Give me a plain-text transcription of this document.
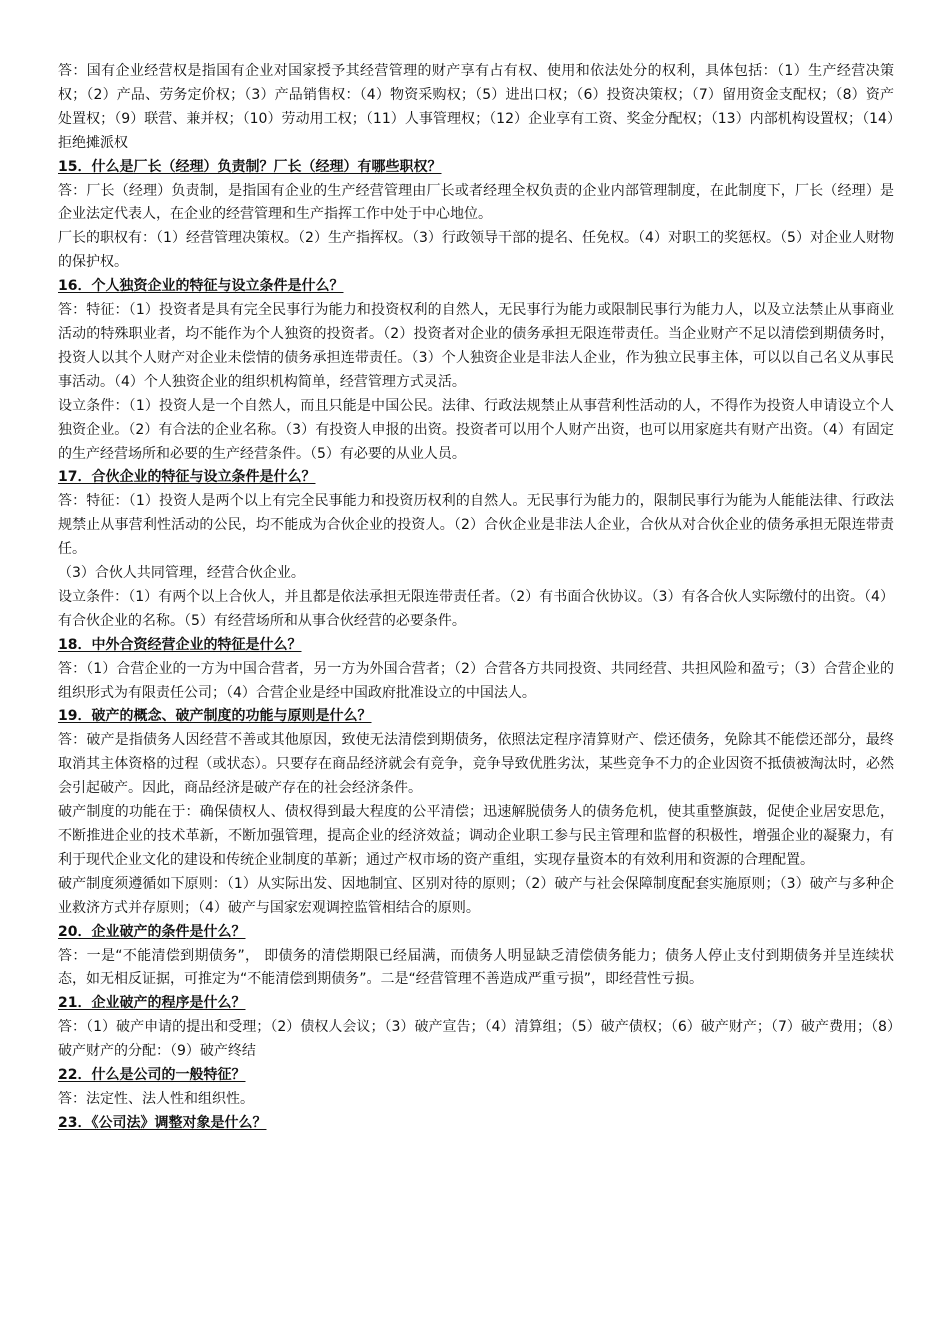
答：国有企业经营权是指国有企业对国家授予其经营管理的财产享有占有权、使用和依法处分的权利，具体包括：（1）生产经营决策权；（2）产品、劳务定价权；（3）产品销售权：（4）物资采购权；（5）进出口权；（6）投资决策权；（7）留用资金支配权；（8）资产处置权；（9）联营、兼并权；（10）劳动用工权；（11）人事管理权；（12）企业享有工资、奖金分配权；（13）内部机构设置权；（14）拒绝摊派权

15．什么是厂长（经理）负责制？厂长（经理）有哪些职权？

答：厂长（经理）负责制，是指国有企业的生产经营管理由厂长或者经理全权负责的企业内部管理制度，在此制度下，厂长（经理）是企业法定代表人，在企业的经营管理和生产指挥工作中处于中心地位。

厂长的职权有：（1）经营管理决策权。（2）生产指挥权。（3）行政领导干部的提名、任免权。（4）对职工的奖惩权。（5）对企业人财物的保护权。

16．个人独资企业的特征与设立条件是什么？

答：特征：（1）投资者是具有完全民事行为能力和投资权利的自然人，无民事行为能力或限制民事行为能力人，以及立法禁止从事商业活动的特殊职业者，均不能作为个人独资的投资者。（2）投资者对企业的债务承担无限连带责任。当企业财产不足以清偿到期债务时，投资人以其个人财产对企业未偿情的债务承担连带责任。（3）个人独资企业是非法人企业，作为独立民事主体，可以以自己名义从事民事活动。（4）个人独资企业的组织机构简单，经营管理方式灵活。

设立条件：（1）投资人是一个自然人，而且只能是中国公民。法律、行政法规禁止从事营利性活动的人，不得作为投资人申请设立个人独资企业。（2）有合法的企业名称。（3）有投资人申报的出资。投资者可以用个人财产出资，也可以用家庭共有财产出资。（4）有固定的生产经营场所和必要的生产经营条件。（5）有必要的从业人员。

17．合伙企业的特征与设立条件是什么？

答：特征：（1）投资人是两个以上有完全民事能力和投资历权利的自然人。无民事行为能力的，限制民事行为能为人能能法律、行政法规禁止从事营利性活动的公民，均不能成为合伙企业的投资人。（2）合伙企业是非法人企业，合伙从对合伙企业的债务承担无限连带责任。

（3）合伙人共同管理，经营合伙企业。

设立条件：（1）有两个以上合伙人，并且都是依法承担无限连带责任者。（2）有书面合伙协议。（3）有各合伙人实际缴付的出资。（4）有合伙企业的名称。（5）有经营场所和从事合伙经营的必要条件。

18．中外合资经营企业的特征是什么？

答：（1）合营企业的一方为中国合营者，另一方为外国合营者；（2）合营各方共同投资、共同经营、共担风险和盈亏；（3）合营企业的组织形式为有限责任公司；（4）合营企业是经中国政府批准设立的中国法人。

19．破产的概念、破产制度的功能与原则是什么？

答：破产是指债务人因经营不善或其他原因，致使无法清偿到期债务，依照法定程序清算财产、偿还债务，免除其不能偿还部分，最终取消其主体资格的过程（或状态）。只要存在商品经济就会有竞争，竞争导致优胜劣汰，某些竞争不力的企业因资不抵债被淘汰时，必然会引起破产。因此，商品经济是破产存在的社会经济条件。

破产制度的功能在于：确保债权人、债权得到最大程度的公平清偿；迅速解脱债务人的债务危机，使其重整旗鼓，促使企业居安思危，不断推进企业的技术革新，不断加强管理，提高企业的经济效益；调动企业职工参与民主管理和监督的积极性，增强企业的凝聚力，有利于现代企业文化的建设和传统企业制度的革新；通过产权市场的资产重组，实现存量资本的有效利用和资源的合理配置。

破产制度须遵循如下原则：（1）从实际出发、因地制宜、区别对待的原则；（2）破产与社会保障制度配套实施原则；（3）破产与多种企业救济方式并存原则；（4）破产与国家宏观调控监管相结合的原则。

20．企业破产的条件是什么？

答：一是“不能清偿到期债务”， 即债务的清偿期限已经届满，而债务人明显缺乏清偿债务能力；债务人停止支付到期债务并呈连续状态，如无相反证据，可推定为“不能清偿到期债务”。二是“经营管理不善造成严重亏损”，即经营性亏损。

21．企业破产的程序是什么？

答：（1）破产申请的提出和受理；（2）债权人会议；（3）破产宣告；（4）清算组；（5）破产债权；（6）破产财产；（7）破产费用；（8）破产财产的分配：（9）破产终结

22．什么是公司的一般特征？

答：法定性、法人性和组织性。

23．《公司法》调整对象是什么？
